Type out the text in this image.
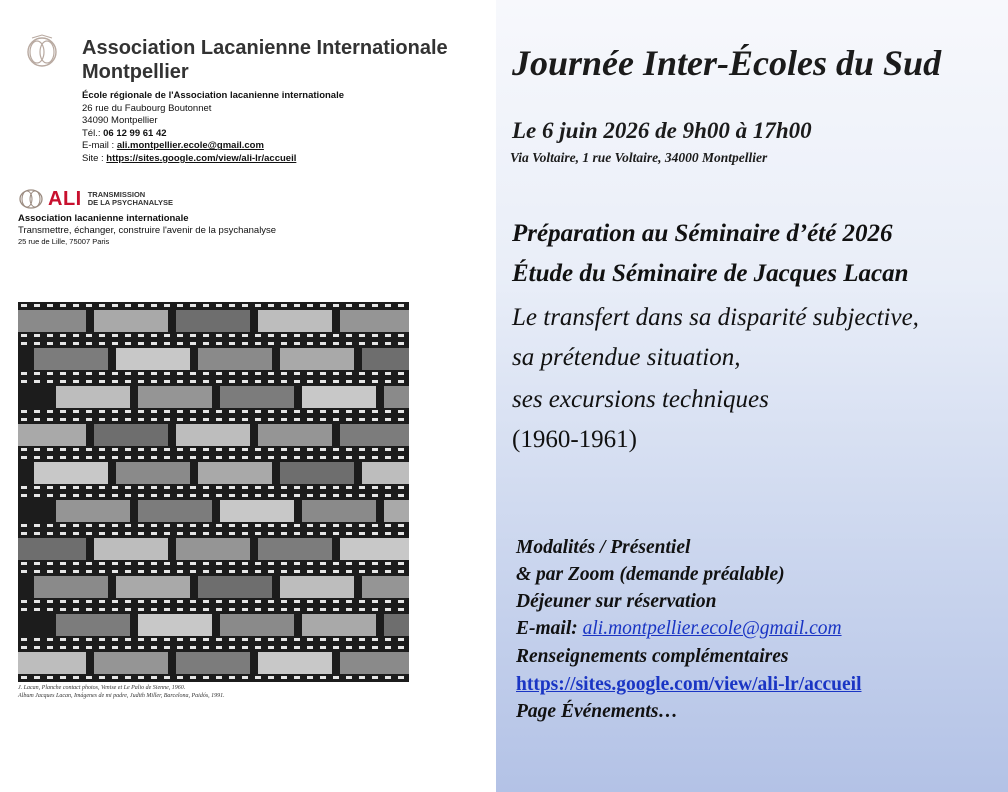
Association Lacanienne Internationale
Montpellier
École régionale de l'Association lacanienne internationale
26 rue du Faubourg Boutonnet
34090 Montpellier
Tél.: 06 12 99 61 42
E-mail : ali.montpellier.ecole@gmail.com
Site : https://sites.google.com/view/ali-lr/accueil
ALI TRANSMISSION
DE LA PSYCHANALYSE
Association lacanienne internationale
Transmettre, échanger, construire l'avenir de la psychanalyse
25 rue de Lille, 75007 Paris
J. Lacan, Planche contact photos, Venise et Le Palio de Sienne, 1960.
Album Jacques Lacan, Imágenes de mi padre, Judith Miller, Barcelona, Paidós, 1991.
Journée Inter-Écoles du Sud
Le 6 juin 2026 de 9h00 à 17h00
Via Voltaire, 1 rue Voltaire, 34000 Montpellier
Préparation au Séminaire d’été 2026
Étude du Séminaire de Jacques Lacan
Le transfert dans sa disparité subjective,
sa prétendue situation,
ses excursions techniques
(1960-1961)
Modalités / Présentiel
& par Zoom (demande préalable)
Déjeuner sur réservation
E-mail: ali.montpellier.ecole@gmail.com
Renseignements complémentaires
https://sites.google.com/view/ali-lr/accueil
Page Événements…
